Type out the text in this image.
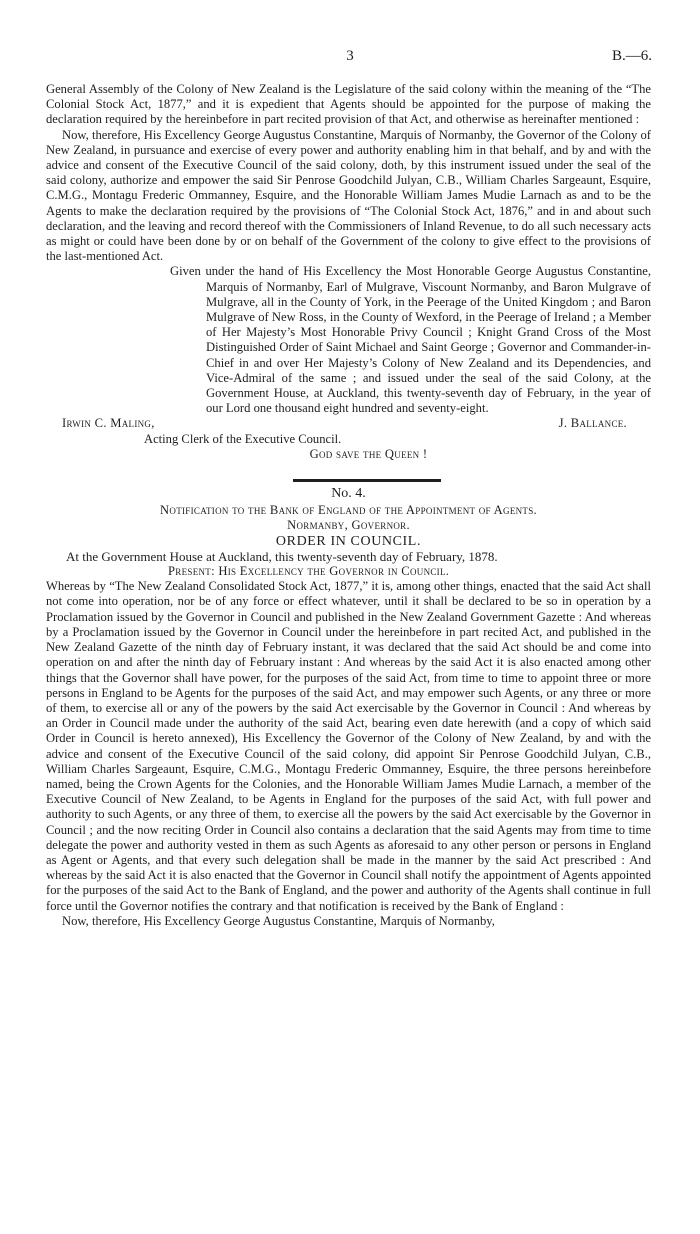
3	B.—6.

General Assembly of the Colony of New Zealand is the Legislature of the said colony within the meaning of the “The Colonial Stock Act, 1877,” and it is expedient that Agents should be appointed for the purpose of making the declaration required by the hereinbefore in part recited provision of that Act, and otherwise as hereinafter mentioned :

Now, therefore, His Excellency George Augustus Constantine, Marquis of Normanby, the Governor of the Colony of New Zealand, in pursuance and exercise of every power and authority enabling him in that behalf, and by and with the advice and consent of the Executive Council of the said colony, doth, by this instrument issued under the seal of the said colony, authorize and empower the said Sir Penrose Goodchild Julyan, C.B., William Charles Sargeaunt, Esquire, C.M.G., Montagu Frederic Ommanney, Esquire, and the Honorable William James Mudie Larnach as and to be the Agents to make the declaration required by the provisions of “The Colonial Stock Act, 1876,” and in and about such declaration, and the leaving and record thereof with the Commissioners of Inland Revenue, to do all such necessary acts as might or could have been done by or on behalf of the Government of the colony to give effect to the provisions of the last-mentioned Act.

Given under the hand of His Excellency the Most Honorable George Augustus Constantine, Marquis of Normanby, Earl of Mulgrave, Viscount Normanby, and Baron Mulgrave of Mulgrave, all in the County of York, in the Peerage of the United Kingdom ; and Baron Mulgrave of New Ross, in the County of Wexford, in the Peerage of Ireland ; a Member of Her Majesty’s Most Honorable Privy Council ; Knight Grand Cross of the Most Distinguished Order of Saint Michael and Saint George ; Governor and Commander-in-Chief in and over Her Majesty’s Colony of New Zealand and its Dependencies, and Vice-Admiral of the same ; and issued under the seal of the said Colony, at the Government House, at Auckland, this twenty-seventh day of February, in the year of our Lord one thousand eight hundred and seventy-eight.

Irwin C. Maling,	J. Ballance.

Acting Clerk of the Executive Council.

God save the Queen !

No. 4.

Notification to the Bank of England of the Appointment of Agents.

Normanby, Governor.

ORDER IN COUNCIL.

At the Government House at Auckland, this twenty-seventh day of February, 1878.

Present: His Excellency the Governor in Council.

Whereas by “The New Zealand Consolidated Stock Act, 1877,” it is, among other things, enacted that the said Act shall not come into operation, nor be of any force or effect whatever, until it shall be declared to be so in operation by a Proclamation issued by the Governor in Council and published in the New Zealand Government Gazette : And whereas by a Proclamation issued by the Governor in Council under the hereinbefore in part recited Act, and published in the New Zealand Gazette of the ninth day of February instant, it was declared that the said Act should be and come into operation on and after the ninth day of February instant : And whereas by the said Act it is also enacted among other things that the Governor shall have power, for the purposes of the said Act, from time to time to appoint three or more persons in England to be Agents for the purposes of the said Act, and may empower such Agents, or any three or more of them, to exercise all or any of the powers by the said Act exercisable by the Governor in Council : And whereas by an Order in Council made under the authority of the said Act, bearing even date herewith (and a copy of which said Order in Council is hereto annexed), His Excellency the Governor of the Colony of New Zealand, by and with the advice and consent of the Executive Council of the said colony, did appoint Sir Penrose Goodchild Julyan, C.B., William Charles Sargeaunt, Esquire, C.M.G., Montagu Frederic Ommanney, Esquire, the three persons hereinbefore named, being the Crown Agents for the Colonies, and the Honorable William James Mudie Larnach, a member of the Executive Council of New Zealand, to be Agents in England for the purposes of the said Act, with full power and authority to such Agents, or any three of them, to exercise all the powers by the said Act exercisable by the Governor in Council ; and the now reciting Order in Council also contains a declaration that the said Agents may from time to time delegate the power and authority vested in them as such Agents as aforesaid to any other person or persons in England as Agent or Agents, and that every such delegation shall be made in the manner by the said Act prescribed : And whereas by the said Act it is also enacted that the Governor in Council shall notify the appointment of Agents appointed for the purposes of the said Act to the Bank of England, and the power and authority of the Agents shall continue in full force until the Governor notifies the contrary and that notification is received by the Bank of England :

Now, therefore, His Excellency George Augustus Constantine, Marquis of Normanby,
